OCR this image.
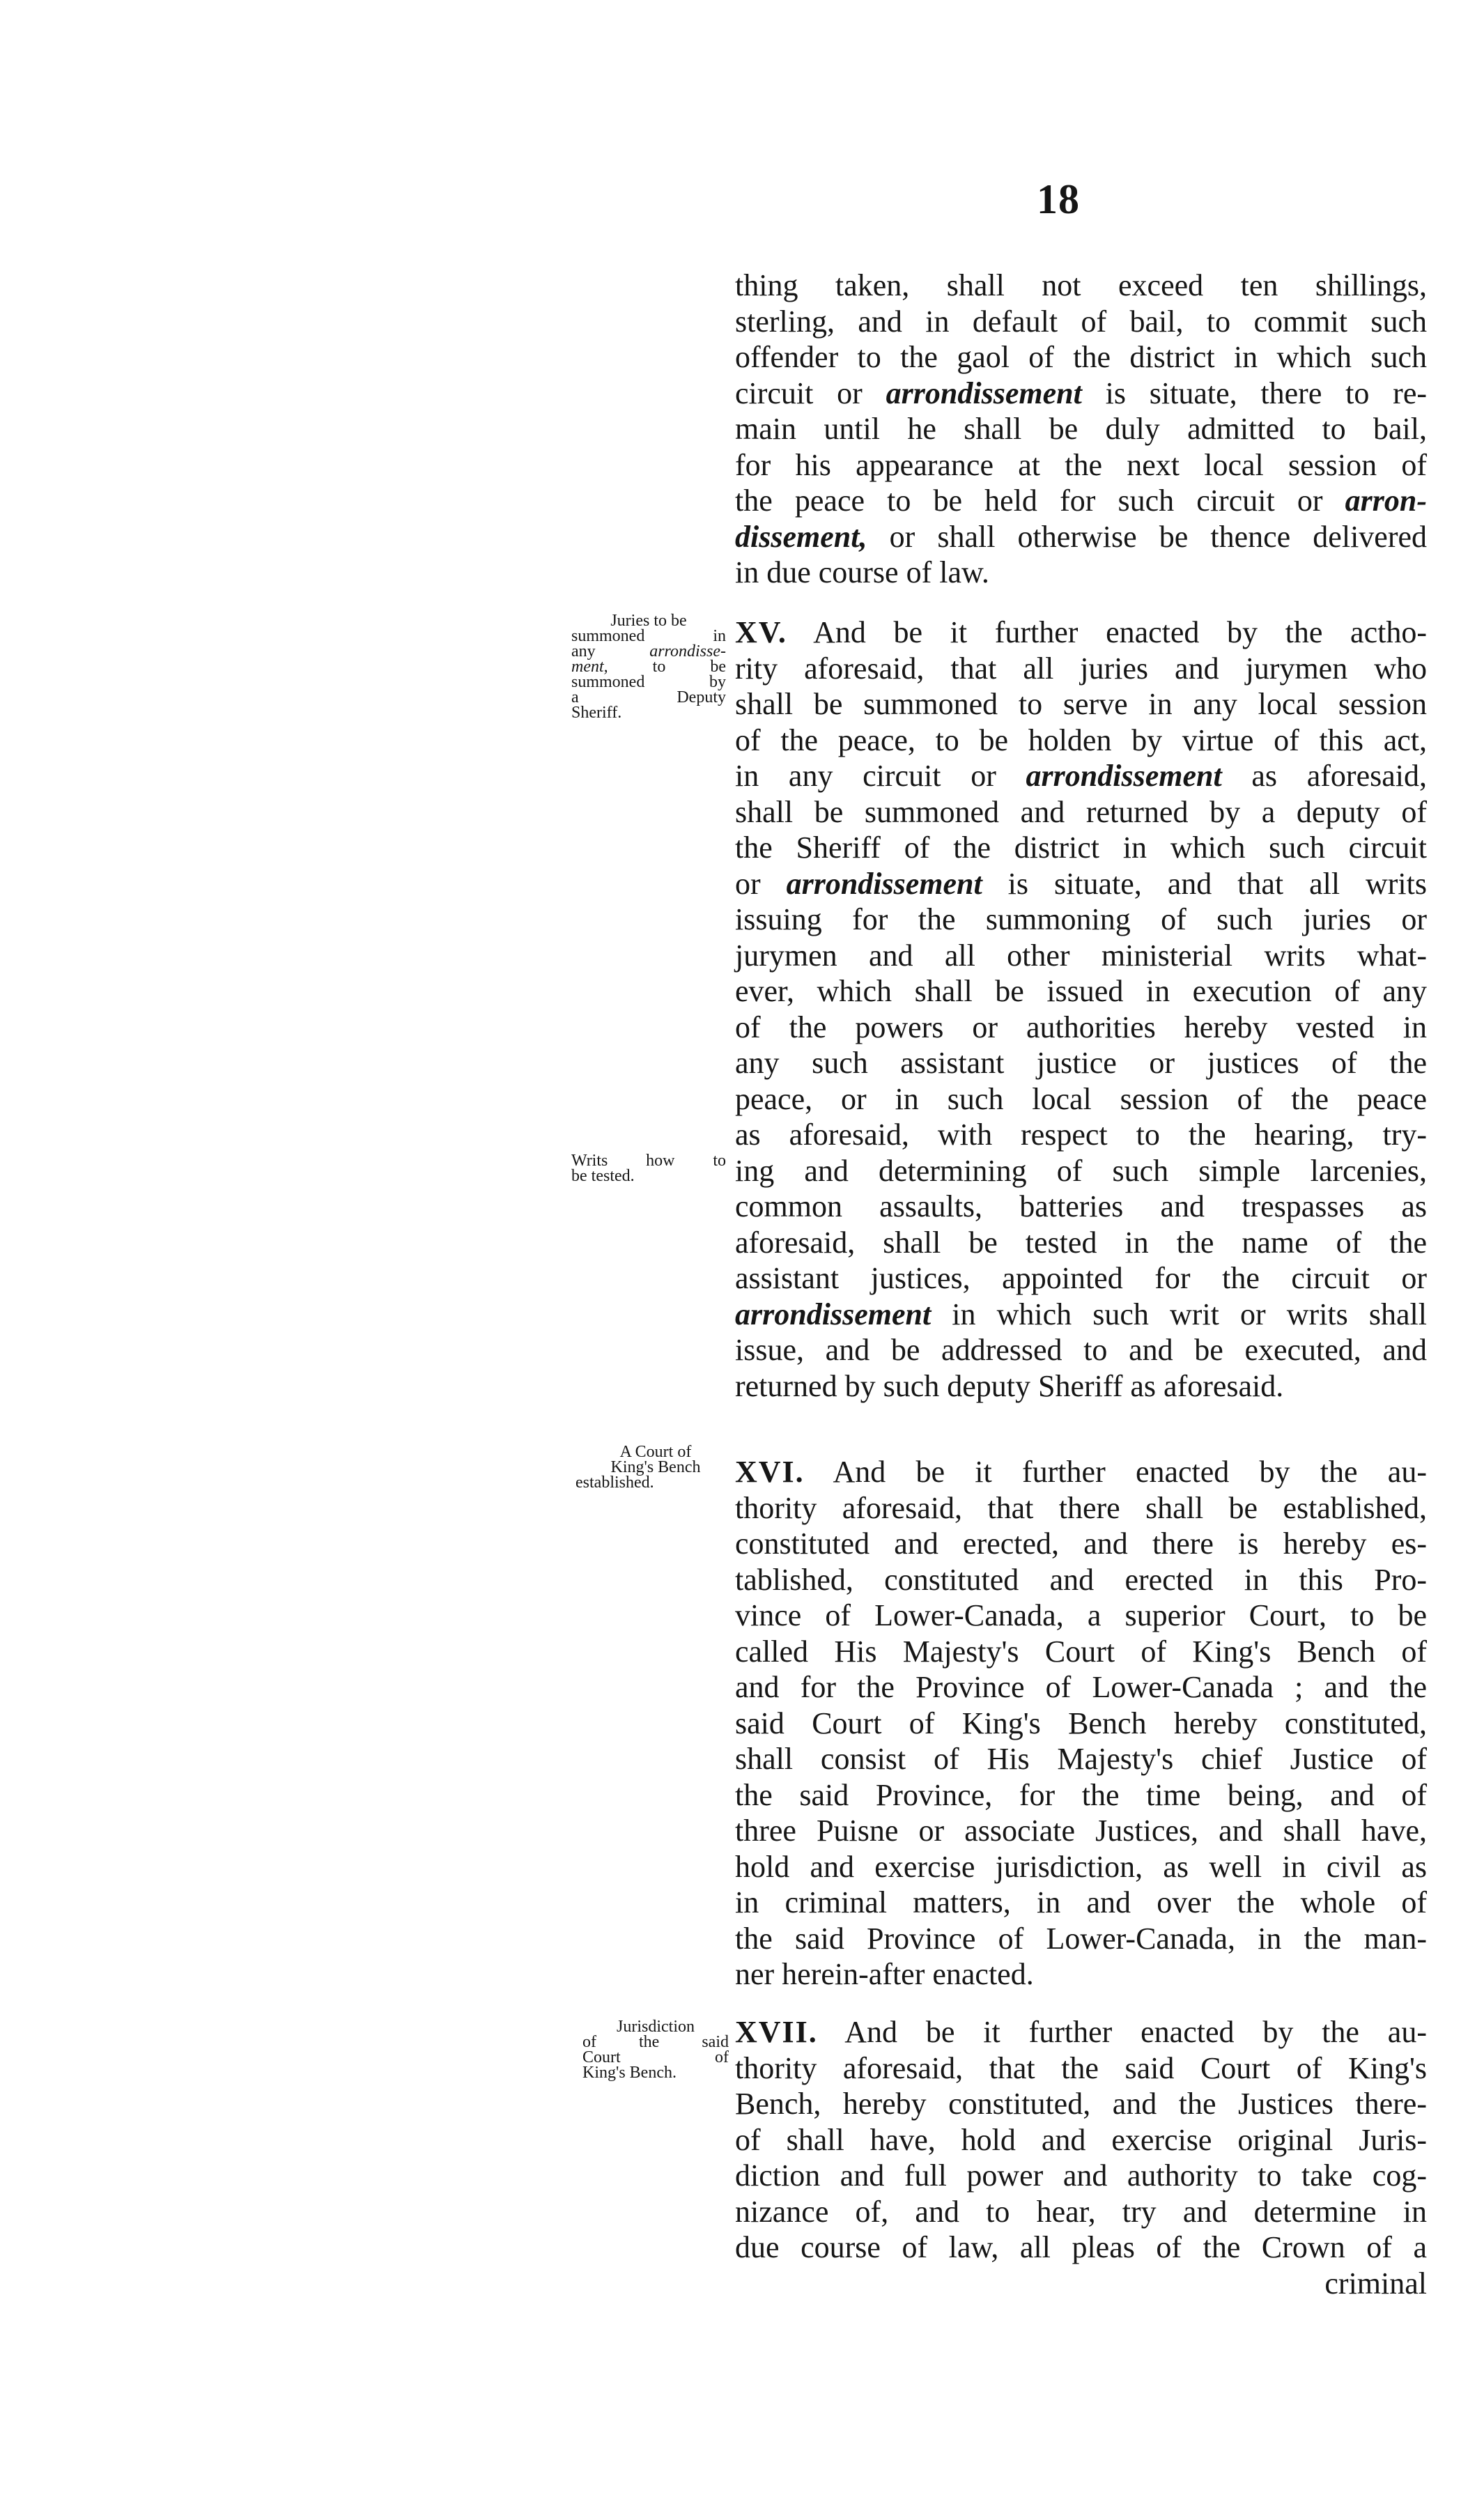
18
thing taken, shall not exceed ten shillings,
sterling, and in default of bail, to commit such
offender to the gaol of the district in which such
circuit or arrondissement is situate, there to re-
main until he shall be duly admitted to bail,
for his appearance at the next local session of
the peace to be held for such circuit or arron-
dissement, or shall otherwise be thence delivered
in due course of law.
XV. And be it further enacted by the actho-
rity aforesaid, that all juries and jurymen who
shall be summoned to serve in any local session
of the peace, to be holden by virtue of this act,
in any circuit or arrondissement as aforesaid,
shall be summoned and returned by a deputy of
the Sheriff of the district in which such circuit
or arrondissement is situate, and that all writs
issuing for the summoning of such juries or
jurymen and all other ministerial writs what-
ever, which shall be issued in execution of any
of the powers or authorities hereby vested in
any such assistant justice or justices of the
peace, or in such local session of the peace
as aforesaid, with respect to the hearing, try-
ing and determining of such simple larcenies,
common assaults, batteries and trespasses as
aforesaid, shall be tested in the name of the
assistant justices, appointed for the circuit or
arrondissement in which such writ or writs shall
issue, and be addressed to and be executed, and
returned by such deputy Sheriff as aforesaid.
XVI. And be it further enacted by the au-
thority aforesaid, that there shall be established,
constituted and erected, and there is hereby es-
tablished, constituted and erected in this Pro-
vince of Lower-Canada, a superior Court, to be
called His Majesty's Court of King's Bench of
and for the Province of Lower-Canada ; and the
said Court of King's Bench hereby constituted,
shall consist of His Majesty's chief Justice of
the said Province, for the time being, and of
three Puisne or associate Justices, and shall have,
hold and exercise jurisdiction, as well in civil as
in criminal matters, in and over the whole of
the said Province of Lower-Canada, in the man-
ner herein-after enacted.
XVII. And be it further enacted by the au-
thority aforesaid, that the said Court of King's
Bench, hereby constituted, and the Justices there-
of shall have, hold and exercise original Juris-
diction and full power and authority to take cog-
nizance of, and to hear, try and determine in
due course of law, all pleas of the Crown of a
criminal
Juries to be
summoned in
any arrondisse-
ment, to be
summoned by
a Deputy
Sheriff.
Writs how to
be tested.
A Court of
King's Bench
established.
Jurisdiction
of the said
Court of
King's Bench.
